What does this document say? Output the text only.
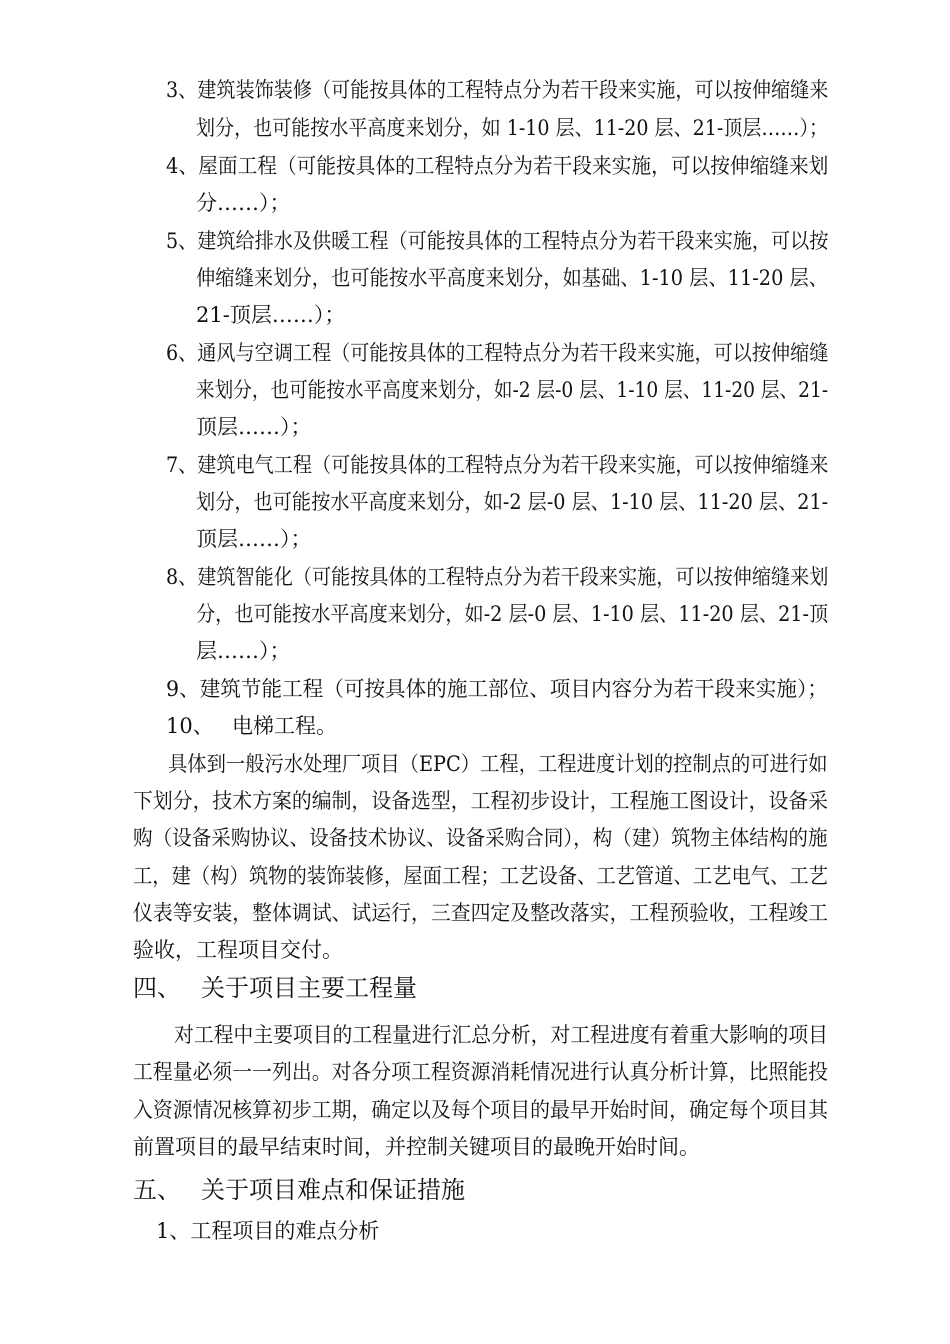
3、建筑装饰装修（可能按具体的工程特点分为若干段来实施，可以按伸缩缝来
划分，也可能按水平高度来划分，如 1-10 层、11-20 层、21-顶层……）；
4、屋面工程（可能按具体的工程特点分为若干段来实施，可以按伸缩缝来划
分……）；
5、建筑给排水及供暖工程（可能按具体的工程特点分为若干段来实施，可以按
伸缩缝来划分，也可能按水平高度来划分，如基础、1-10 层、11-20 层、
21-顶层……）；
6、通风与空调工程（可能按具体的工程特点分为若干段来实施，可以按伸缩缝
来划分，也可能按水平高度来划分，如-2 层-0 层、1-10 层、11-20 层、21-
顶层……）；
7、建筑电气工程（可能按具体的工程特点分为若干段来实施，可以按伸缩缝来
划分，也可能按水平高度来划分，如-2 层-0 层、1-10 层、11-20 层、21-
顶层……）；
8、建筑智能化（可能按具体的工程特点分为若干段来实施，可以按伸缩缝来划
分，也可能按水平高度来划分，如-2 层-0 层、1-10 层、11-20 层、21-顶
层……）；
9、建筑节能工程（可按具体的施工部位、项目内容分为若干段来实施）；
10、 电梯工程。
具体到一般污水处理厂项目（EPC）工程，工程进度计划的控制点的可进行如
下划分，技术方案的编制，设备选型，工程初步设计，工程施工图设计，设备采
购（设备采购协议、设备技术协议、设备采购合同），构（建）筑物主体结构的施
工，建（构）筑物的装饰装修，屋面工程；工艺设备、工艺管道、工艺电气、工艺
仪表等安装，整体调试、试运行，三查四定及整改落实，工程预验收，工程竣工
验收，工程项目交付。
四、 关于项目主要工程量
对工程中主要项目的工程量进行汇总分析，对工程进度有着重大影响的项目
工程量必须一一列出。对各分项工程资源消耗情况进行认真分析计算，比照能投
入资源情况核算初步工期，确定以及每个项目的最早开始时间，确定每个项目其
前置项目的最早结束时间，并控制关键项目的最晚开始时间。
五、 关于项目难点和保证措施
1、工程项目的难点分析
